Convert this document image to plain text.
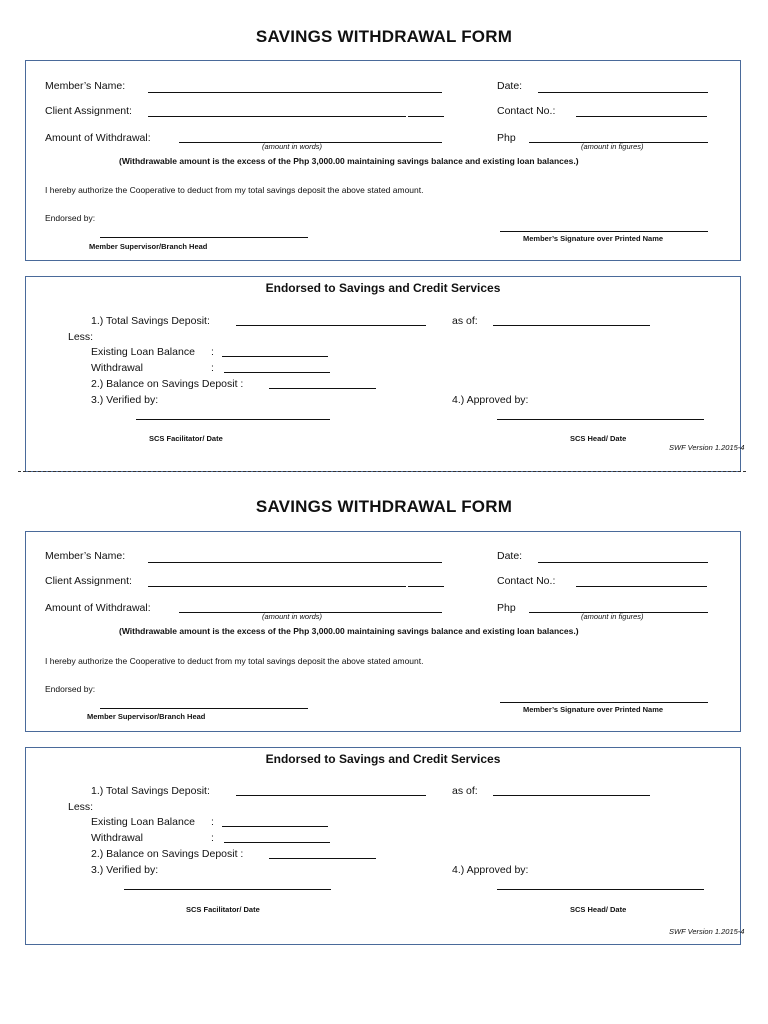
SAVINGS WITHDRAWAL FORM
Member’s Name:	Date:
Client Assignment:	Contact No.:
Amount of Withdrawal:
(amount in words)
Php
(amount in figures)
(Withdrawable amount is the excess of the Php 3,000.00 maintaining savings balance and existing loan balances.)
I hereby authorize the Cooperative to deduct from my total savings deposit the above stated amount.
Endorsed by:
Member Supervisor/Branch Head
Member’s Signature over Printed Name
Endorsed to Savings and Credit Services
1.) Total Savings Deposit:	as of:
Less:
Existing Loan Balance :
Withdrawal	:
2.) Balance on Savings Deposit :
3.) Verified by:	4.) Approved by:
SCS Facilitator/ Date	SCS Head/ Date
SWF Version 1.2015-4
SAVINGS WITHDRAWAL FORM
Member’s Name:	Date:
Client Assignment:	Contact No.:
Amount of Withdrawal:
(amount in words)
Php
(amount in figures)
(Withdrawable amount is the excess of the Php 3,000.00 maintaining savings balance and existing loan balances.)
I hereby authorize the Cooperative to deduct from my total savings deposit the above stated amount.
Endorsed by:
Member Supervisor/Branch Head
Member’s Signature over Printed Name
Endorsed to Savings and Credit Services
1.) Total Savings Deposit:	as of:
Less:
Existing Loan Balance :
Withdrawal	:
2.) Balance on Savings Deposit :
3.) Verified by:	4.) Approved by:
SCS Facilitator/ Date	SCS Head/ Date
SWF Version 1.2015-4
